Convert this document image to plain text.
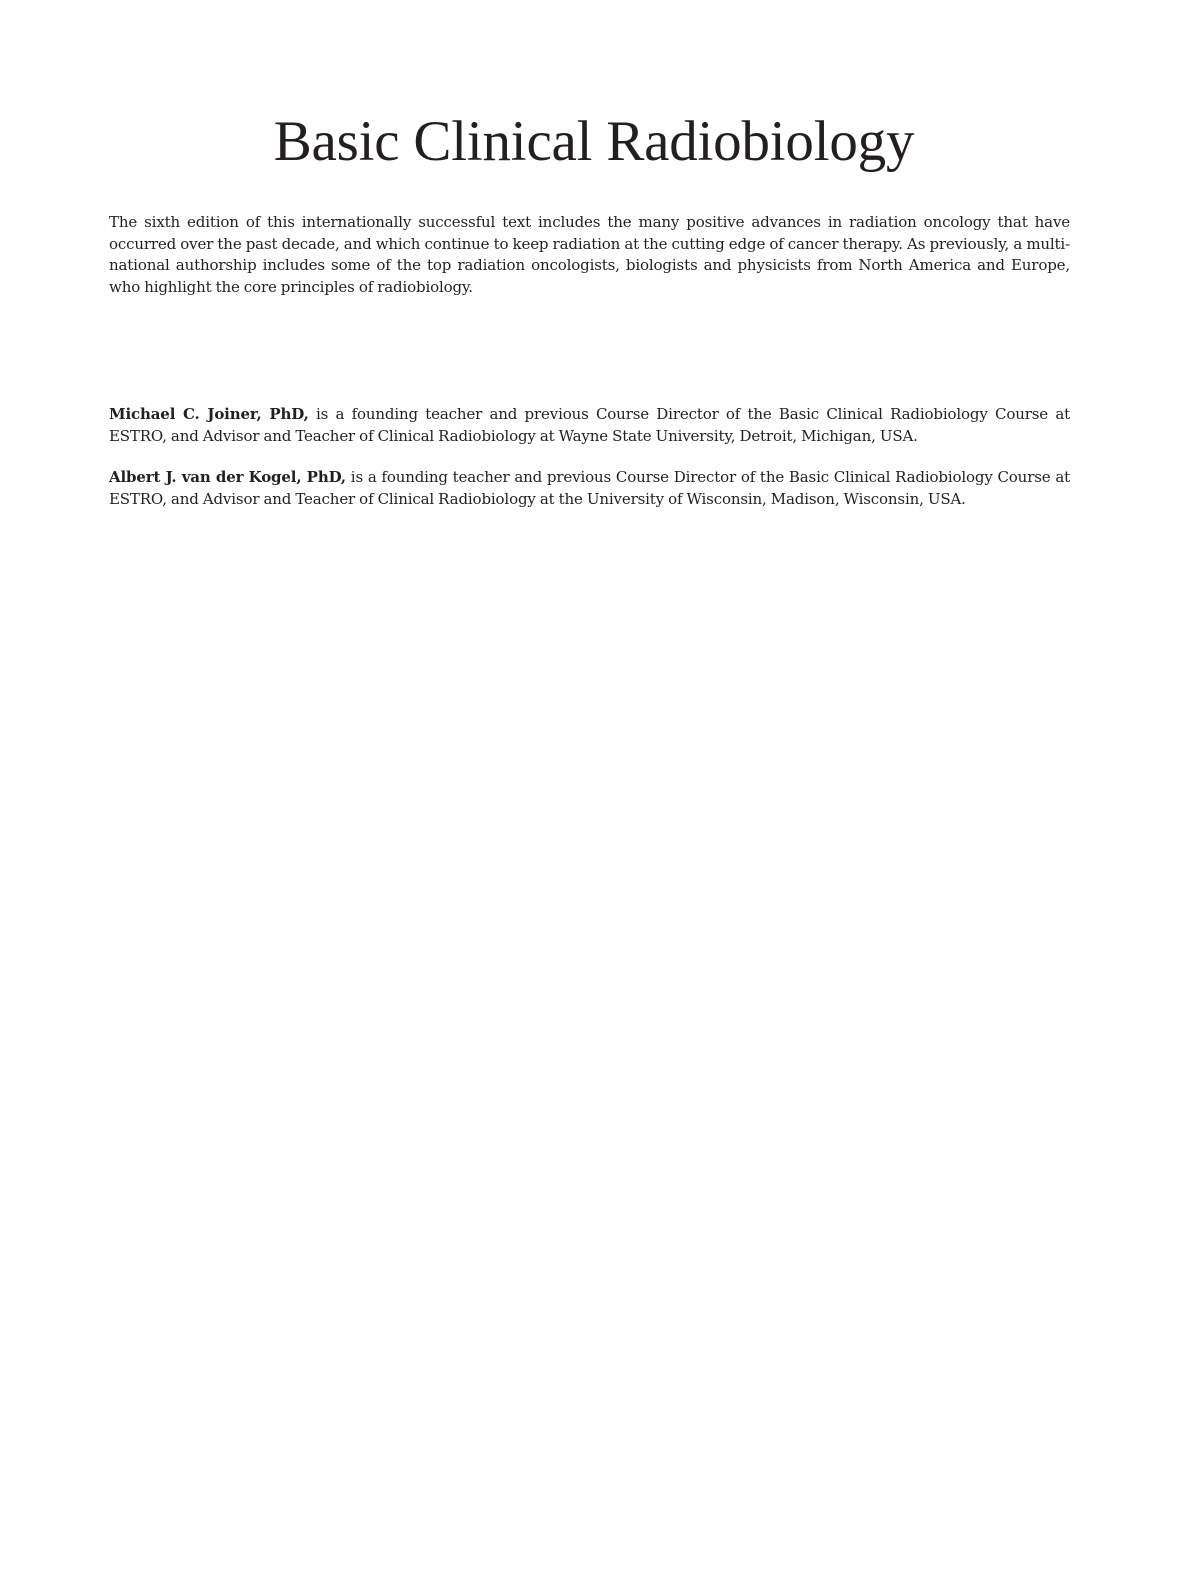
Basic Clinical Radiobiology

The sixth edition of this internationally successful text includes the many positive advances in radiation oncology that have occurred over the past decade, and which continue to keep radiation at the cutting edge of cancer therapy. As previously, a multi-national authorship includes some of the top radiation oncologists, biologists and physicists from North America and Europe, who highlight the core principles of radiobiology.

Michael C. Joiner, PhD, is a founding teacher and previous Course Director of the Basic Clinical Radiobiology Course at ESTRO, and Advisor and Teacher of Clinical Radiobiology at Wayne State University, Detroit, Michigan, USA.

Albert J. van der Kogel, PhD, is a founding teacher and previous Course Director of the Basic Clinical Radiobiology Course at ESTRO, and Advisor and Teacher of Clinical Radiobiology at the University of Wisconsin, Madison, Wisconsin, USA.
